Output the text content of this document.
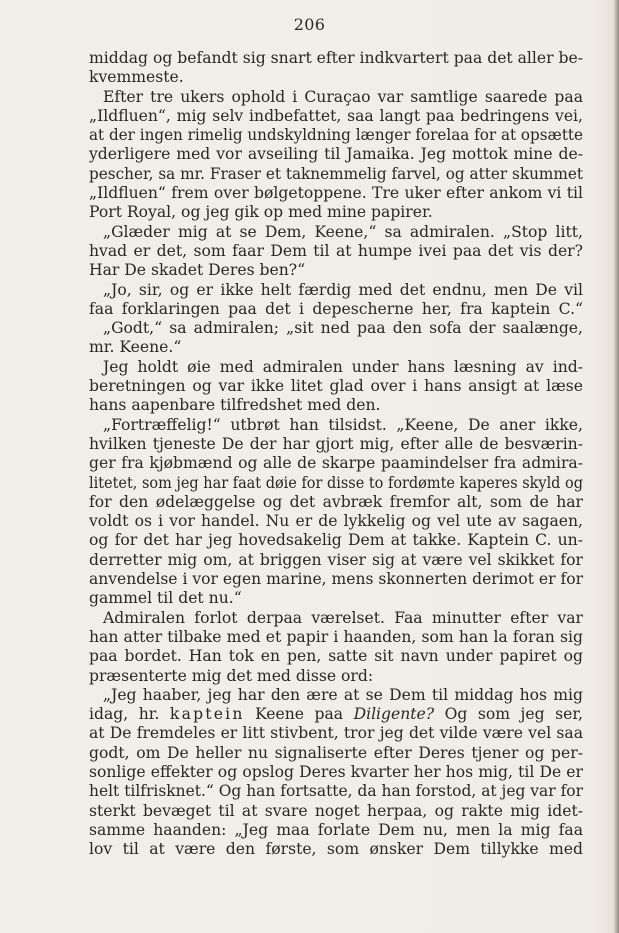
206
middag og befandt sig snart efter indkvartert paa det aller be-
kvemmeste.
Efter tre ukers ophold i Curaçao var samtlige saarede paa
„Ildfluen“, mig selv indbefattet, saa langt paa bedringens vei,
at der ingen rimelig undskyldning længer forelaa for at opsætte
yderligere med vor avseiling til Jamaika. Jeg mottok mine de-
pescher, sa mr. Fraser et taknemmelig farvel, og atter skummet
„Ildfluen“ frem over bølgetoppene. Tre uker efter ankom vi til
Port Royal, og jeg gik op med mine papirer.
„Glæder mig at se Dem, Keene,“ sa admiralen. „Stop litt,
hvad er det, som faar Dem til at humpe ivei paa det vis der?
Har De skadet Deres ben?“
„Jo, sir, og er ikke helt færdig med det endnu, men De vil
faa forklaringen paa det i depescherne her, fra kaptein C.“
„Godt,“ sa admiralen; „sit ned paa den sofa der saalænge,
mr. Keene.“
Jeg holdt øie med admiralen under hans læsning av ind-
beretningen og var ikke litet glad over i hans ansigt at læse
hans aapenbare tilfredshet med den.
„Fortræffelig!“ utbrøt han tilsidst. „Keene, De aner ikke,
hvilken tjeneste De der har gjort mig, efter alle de besværin-
ger fra kjøbmænd og alle de skarpe paamindelser fra admira-
litetet, som jeg har faat døie for disse to fordømte kaperes skyld og
for den ødelæggelse og det avbræk fremfor alt, som de har
voldt os i vor handel. Nu er de lykkelig og vel ute av sagaen,
og for det har jeg hovedsakelig Dem at takke. Kaptein C. un-
derretter mig om, at briggen viser sig at være vel skikket for
anvendelse i vor egen marine, mens skonnerten derimot er for
gammel til det nu.“
Admiralen forlot derpaa værelset. Faa minutter efter var
han atter tilbake med et papir i haanden, som han la foran sig
paa bordet. Han tok en pen, satte sit navn under papiret og
præsenterte mig det med disse ord:
„Jeg haaber, jeg har den ære at se Dem til middag hos mig
idag, hr. kaptein Keene paa Diligente? Og som jeg ser,
at De fremdeles er litt stivbent, tror jeg det vilde være vel saa
godt, om De heller nu signaliserte efter Deres tjener og per-
sonlige effekter og opslog Deres kvarter her hos mig, til De er
helt tilfrisknet.“ Og han fortsatte, da han forstod, at jeg var for
sterkt bevæget til at svare noget herpaa, og rakte mig idet-
samme haanden: „Jeg maa forlate Dem nu, men la mig faa
lov til at være den første, som ønsker Dem tillykke med
